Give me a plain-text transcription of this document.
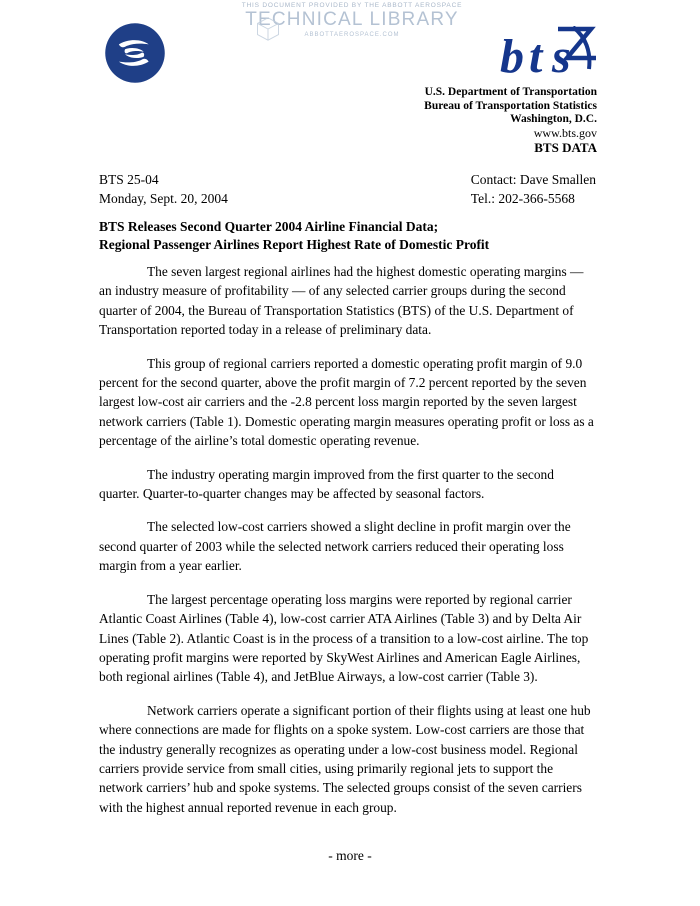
THIS DOCUMENT PROVIDED BY THE ABBOTT AEROSPACE
TECHNICAL LIBRARY
ABBOTTAEROSPACE.COM	b t s
U.S. Department of Transportation
Bureau of Transportation Statistics
Washington, D.C.
www.bts.gov
BTS DATA
BTS 25-04
Monday, Sept. 20, 2004
Contact: Dave Smallen
Tel.: 202-366-5568
BTS Releases Second Quarter 2004 Airline Financial Data;
Regional Passenger Airlines Report Highest Rate of Domestic Profit

The seven largest regional airlines had the highest domestic operating margins — an industry measure of profitability — of any selected carrier groups during the second quarter of 2004, the Bureau of Transportation Statistics (BTS) of the U.S. Department of Transportation reported today in a release of preliminary data.

This group of regional carriers reported a domestic operating profit margin of 9.0 percent for the second quarter, above the profit margin of 7.2 percent reported by the seven largest low-cost air carriers and the -2.8 percent loss margin reported by the seven largest network carriers (Table 1). Domestic operating margin measures operating profit or loss as a percentage of the airline’s total domestic operating revenue.

The industry operating margin improved from the first quarter to the second quarter. Quarter-to-quarter changes may be affected by seasonal factors.

The selected low-cost carriers showed a slight decline in profit margin over the second quarter of 2003 while the selected network carriers reduced their operating loss margin from a year earlier.

The largest percentage operating loss margins were reported by regional carrier Atlantic Coast Airlines (Table 4), low-cost carrier ATA Airlines (Table 3) and by Delta Air Lines (Table 2). Atlantic Coast is in the process of a transition to a low-cost airline. The top operating profit margins were reported by SkyWest Airlines and American Eagle Airlines, both regional airlines (Table 4), and JetBlue Airways, a low-cost carrier (Table 3).

Network carriers operate a significant portion of their flights using at least one hub where connections are made for flights on a spoke system. Low-cost carriers are those that the industry generally recognizes as operating under a low-cost business model. Regional carriers provide service from small cities, using primarily regional jets to support the network carriers’ hub and spoke systems. The selected groups consist of the seven carriers with the highest annual reported revenue in each group.

- more -
